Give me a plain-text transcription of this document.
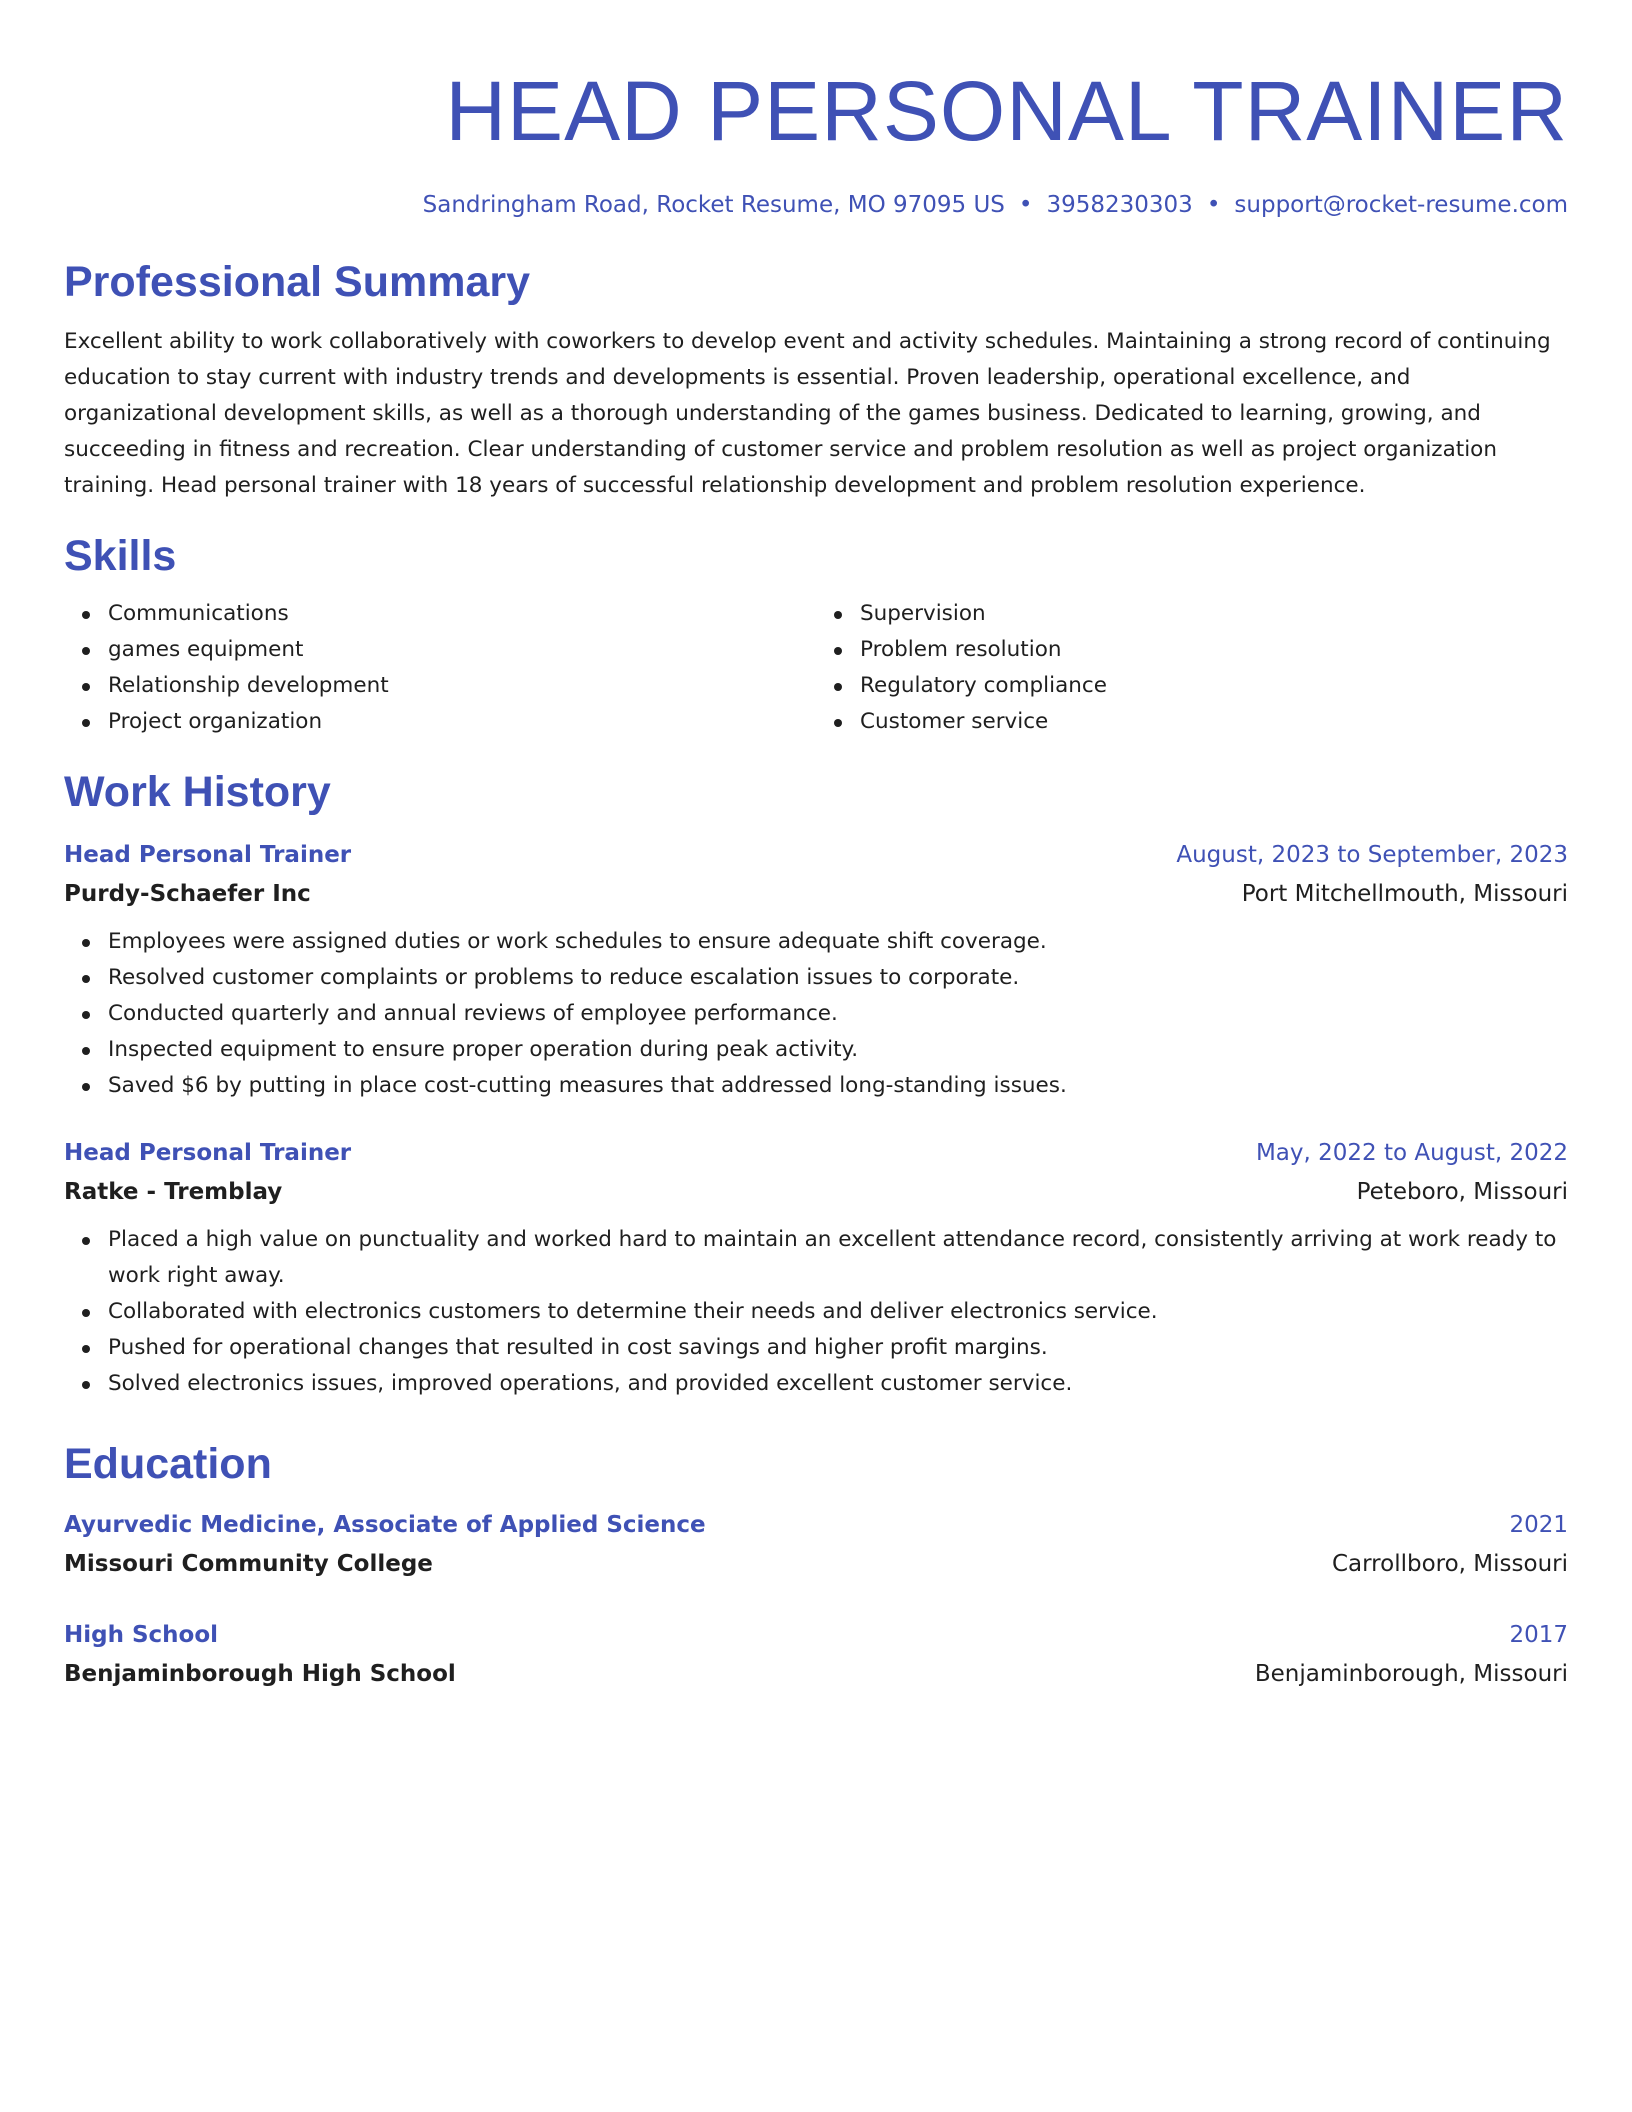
HEAD PERSONAL TRAINER
Sandringham Road, Rocket Resume, MO 97095 US • 3958230303 • support@rocket-resume.com
Professional Summary
Excellent ability to work collaboratively with coworkers to develop event and activity schedules. Maintaining a strong record of continuing education to stay current with industry trends and developments is essential. Proven leadership, operational excellence, and organizational development skills, as well as a thorough understanding of the games business. Dedicated to learning, growing, and succeeding in fitness and recreation. Clear understanding of customer service and problem resolution as well as project organization training. Head personal trainer with 18 years of successful relationship development and problem resolution experience.
Skills
Communications
games equipment
Relationship development
Project organization
Supervision
Problem resolution
Regulatory compliance
Customer service
Work History
Head Personal Trainer	August, 2023 to September, 2023
Purdy-Schaefer Inc	Port Mitchellmouth, Missouri
Employees were assigned duties or work schedules to ensure adequate shift coverage.
Resolved customer complaints or problems to reduce escalation issues to corporate.
Conducted quarterly and annual reviews of employee performance.
Inspected equipment to ensure proper operation during peak activity.
Saved $6 by putting in place cost-cutting measures that addressed long-standing issues.
Head Personal Trainer	May, 2022 to August, 2022
Ratke - Tremblay	Peteboro, Missouri
Placed a high value on punctuality and worked hard to maintain an excellent attendance record, consistently arriving at work ready to work right away.
Collaborated with electronics customers to determine their needs and deliver electronics service.
Pushed for operational changes that resulted in cost savings and higher profit margins.
Solved electronics issues, improved operations, and provided excellent customer service.
Education
Ayurvedic Medicine, Associate of Applied Science	2021
Missouri Community College	Carrollboro, Missouri
High School	2017
Benjaminborough High School	Benjaminborough, Missouri
